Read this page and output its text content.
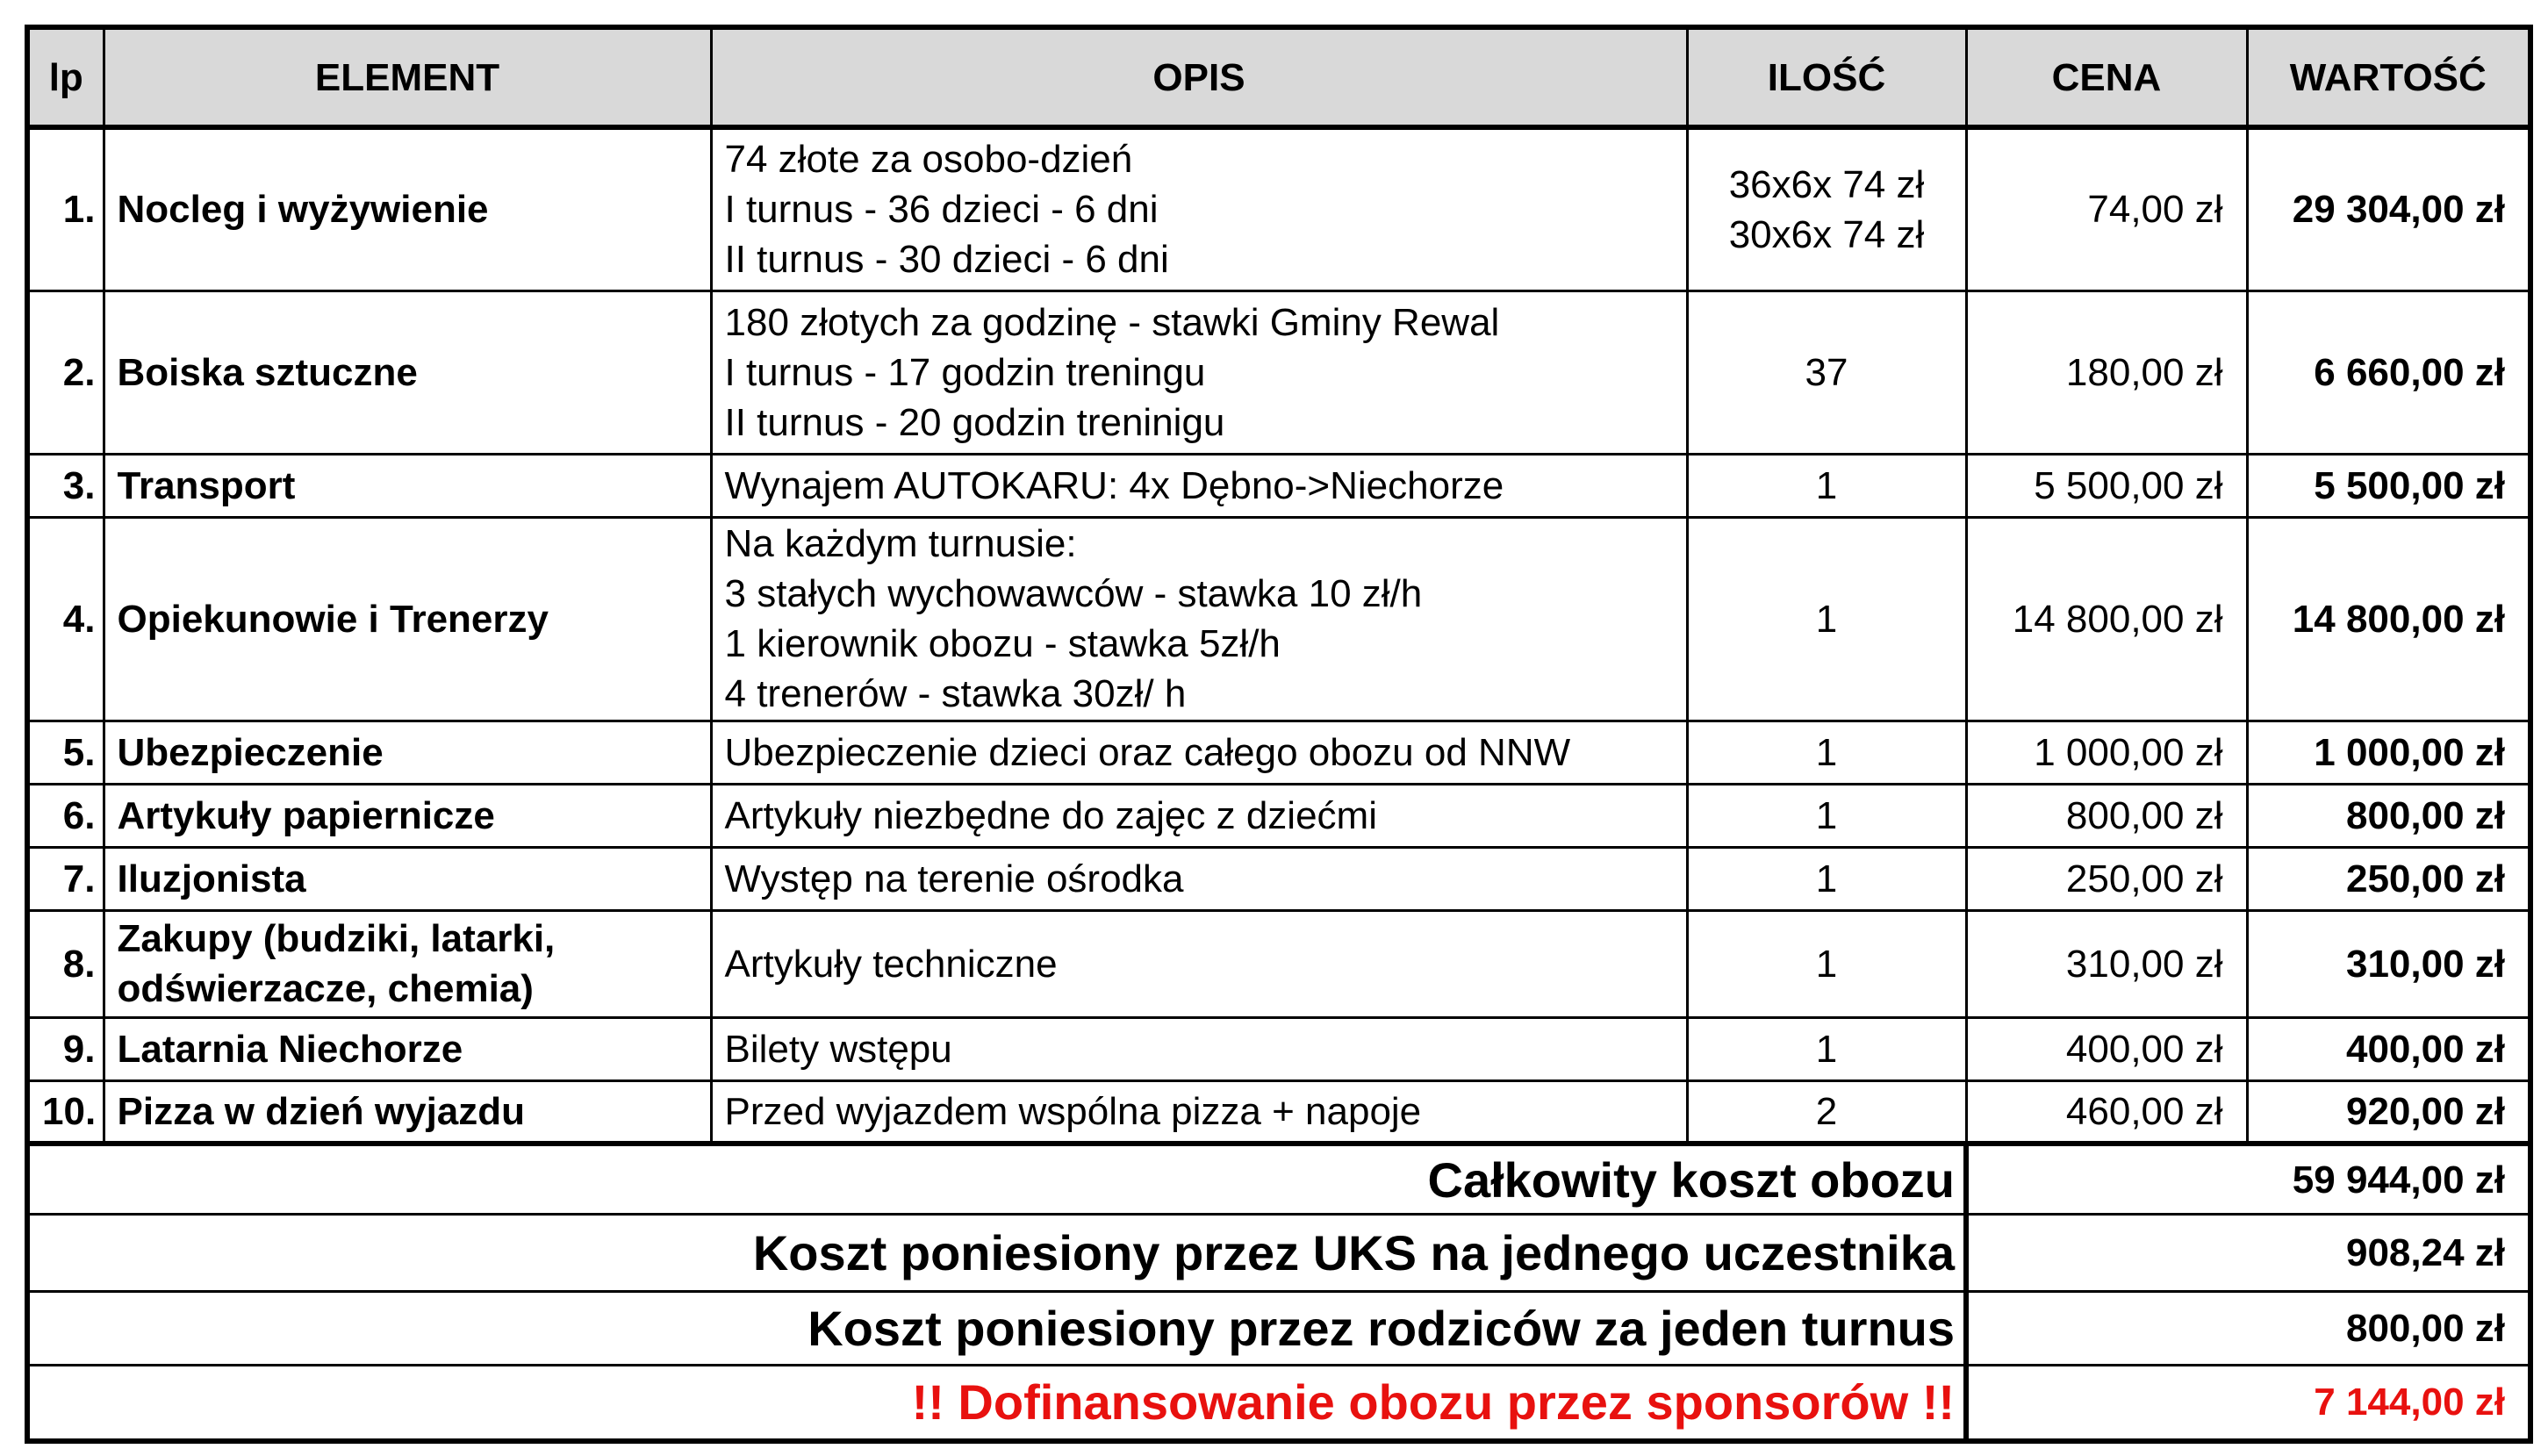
lp	ELEMENT	OPIS	ILOŚĆ	CENA	WARTOŚĆ
1.	Nocleg i wyżywienie	74 złote za osobo-dzień
I turnus - 36 dzieci - 6 dni
II turnus - 30 dzieci - 6 dni	36x6x 74 zł
30x6x 74 zł	74,00 zł	29 304,00 zł
2.	Boiska sztuczne	180 złotych za godzinę - stawki Gminy Rewal
I turnus - 17 godzin treningu
II turnus - 20 godzin treninigu	37	180,00 zł	6 660,00 zł
3.	Transport	Wynajem AUTOKARU: 4x Dębno->Niechorze	1	5 500,00 zł	5 500,00 zł
4.	Opiekunowie i Trenerzy	Na każdym turnusie:
3 stałych wychowawców - stawka 10 zł/h
1 kierownik obozu - stawka 5zł/h
4 trenerów - stawka 30zł/ h	1	14 800,00 zł	14 800,00 zł
5.	Ubezpieczenie	Ubezpieczenie dzieci oraz całego obozu od NNW	1	1 000,00 zł	1 000,00 zł
6.	Artykuły papiernicze	Artykuły niezbędne do zajęc z dziećmi	1	800,00 zł	800,00 zł
7.	Iluzjonista	Występ na terenie ośrodka	1	250,00 zł	250,00 zł
8.	Zakupy (budziki, latarki, odświerzacze, chemia)	Artykuły techniczne	1	310,00 zł	310,00 zł
9.	Latarnia Niechorze	Bilety wstępu	1	400,00 zł	400,00 zł
10.	Pizza w dzień wyjazdu	Przed wyjazdem wspólna pizza + napoje	2	460,00 zł	920,00 zł
Całkowity koszt obozu				59 944,00 zł	
Koszt poniesiony przez UKS na jednego uczestnika				908,24 zł	
Koszt poniesiony przez rodziców za jeden turnus				800,00 zł	
!! Dofinansowanie obozu przez sponsorów !!				7 144,00 zł	
